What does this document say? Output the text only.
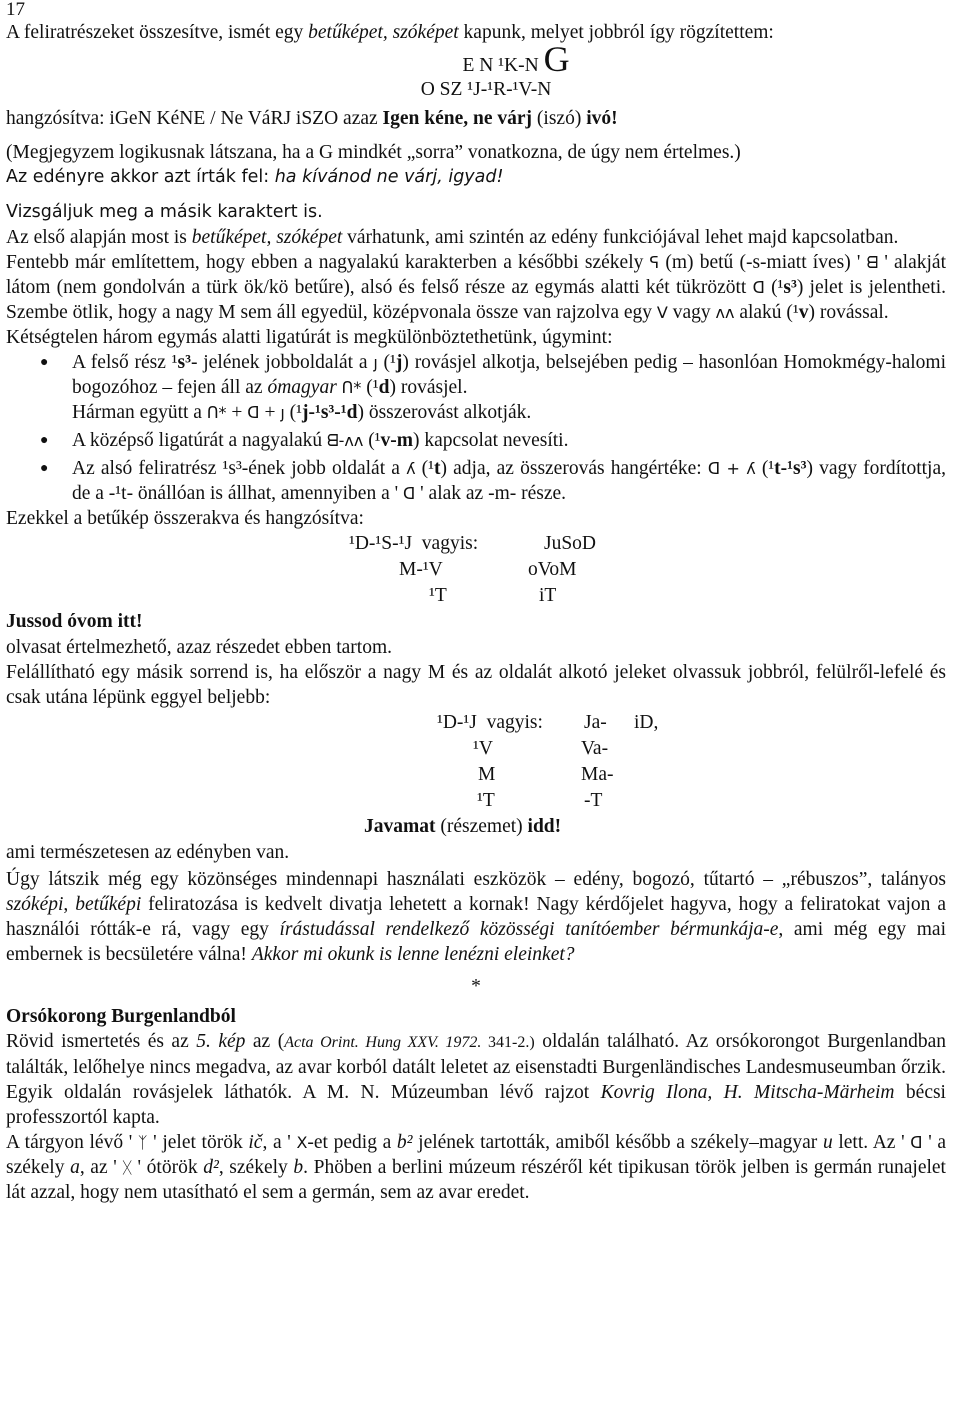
17

A feliratrészeket összesítve, ismét egy betűképet, szóképet kapunk, melyet jobbról így rögzítettem:

E N ¹K-N G
O SZ ¹J-¹R-¹V-N

hangzósítva: iGeN KéNE / Ne VáRJ iSZO azaz Igen kéne, ne várj (iszó) ivó!

(Megjegyzem logikusnak látszana, ha a G mindkét „sorra” vonatkozna, de úgy nem értelmes.)

Az edényre akkor azt írták fel: ha kívánod ne várj, igyad!

Vizsgáljuk meg a másik karaktert is.

Az első alapján most is betűképet, szóképet várhatunk, ami szintén az edény funkciójával lehet majd kapcsolatban.

Fentebb már említettem, hogy ebben a nagyalakú karakterben a későbbi székely ᕋ (m) betű (-s-miatt íves) ' ᗺ ' alakját látom (nem gondolván a türk ök/kö betűre), alsó és felső része az egymás alatti két tükrözött ᗡ (¹s³) jelet is jelentheti. Szembe ötlik, hogy a nagy M sem áll egyedül, középvonala össze van rajzolva egy V vagy ʌʌ alakú (¹v) rovással.

Kétségtelen három egymás alatti ligatúrát is megkülönböztethetünk, úgymint:

●	A felső rész ¹s³- jelének jobboldalát a ȷ (¹j) rovásjel alkotja, belsejében pedig – hasonlóan Homokmégy-halomi bogozóhoz – fejen áll az ómagyar ᑎ* (¹d) rovásjel.
Hárman együtt a ᑎ* + ᗡ + ȷ (¹j-¹s³-¹d) összerovást alkotják.
●	A középső ligatúrát a nagyalakú ᗺ-ʌʌ (¹v-m) kapcsolat nevesíti.
●	Az alsó feliratrész ¹s³-ének jobb oldalát a ʎ (¹t) adja, az összerovás hangértéke: ᗡ + ʎ (¹t-¹s³) vagy fordítottja, de a -¹t- önállóan is állhat, amennyiben a ' ᗡ ' alak az -m- része.

Ezekkel a betűkép összerakva és hangzósítva:

¹D-¹S-¹J  vagyis:	JuSoD
M-¹V	oVoM
¹T	iT
Jussod óvom itt!

olvasat értelmezhető, azaz részedet ebben tartom.

Felállítható egy másik sorrend is, ha először a nagy M és az oldalát alkotó jeleket olvassuk jobbról, felülről-lefelé és csak utána lépünk eggyel beljebb:

¹D-¹J  vagyis: Ja- iD,
¹V	Va-
M	Ma-
¹T	-T
Javamat (részemet) idd!

ami természetesen az edényben van.

Úgy látszik még egy közönséges mindennapi használati eszközök – edény, bogozó, tűtartó – „rébuszos”, talányos szóképi, betűképi feliratozása is kedvelt divatja lehetett a kornak! Nagy kérdőjelet hagyva, hogy a feliratokat vajon a használói rótták-e rá, vagy egy írástudással rendelkező közösségi tanítóember bérmunkája-e, ami még egy mai embernek is becsületére válna! Akkor mi okunk is lenne lenézni eleinket?

*

Orsókorong Burgenlandból

Rövid ismertetés és az 5. kép az (Acta Orint. Hung XXV. 1972. 341-2.) oldalán található. Az orsókorongot Burgenlandban találták, lelőhelye nincs megadva, az avar korból datált leletet az eisenstadti Burgenländisches Landesmuseumban őrzik. Egyik oldalán rovásjelek láthatók. A M. N. Múzeumban lévő rajzot Kovrig Ilona, H. Mitscha-Märheim bécsi professzortól kapta.

A tárgyon lévő ' ᛉ ' jelet török ič, a ' ⵝ-et pedig a b² jelének tartották, amiből később a székely–magyar u lett. Az ' ᗡ ' a székely a, az ' ᚷ ' ótörök d², székely b. Phöben a berlini múzeum részéről két tipikusan török jelben is germán runajelet lát azzal, hogy nem utasítható el sem a germán, sem az avar eredet.
